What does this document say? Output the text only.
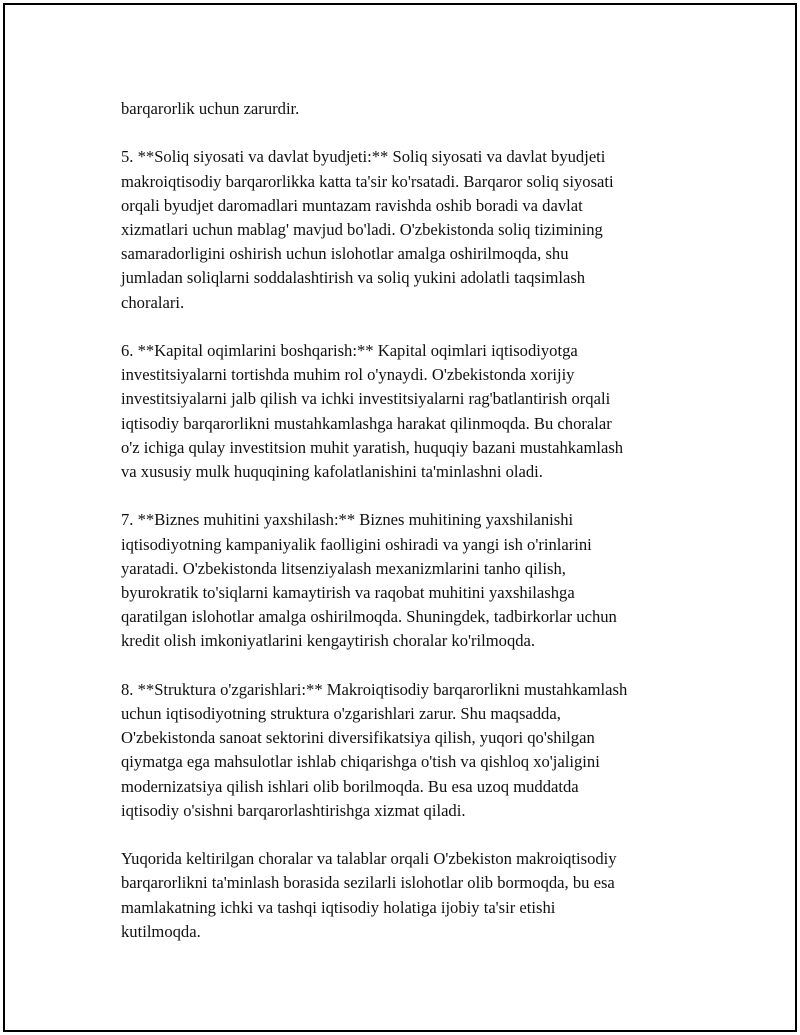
barqarorlik uchun zarurdir.

5. **Soliq siyosati va davlat byudjeti:** Soliq siyosati va davlat byudjeti
makroiqtisodiy barqarorlikka katta ta'sir ko'rsatadi. Barqaror soliq siyosati
orqali byudjet daromadlari muntazam ravishda oshib boradi va davlat
xizmatlari uchun mablag' mavjud bo'ladi. O'zbekistonda soliq tizimining
samaradorligini oshirish uchun islohotlar amalga oshirilmoqda, shu
jumladan soliqlarni soddalashtirish va soliq yukini adolatli taqsimlash
choralari.

6. **Kapital oqimlarini boshqarish:** Kapital oqimlari iqtisodiyotga
investitsiyalarni tortishda muhim rol o'ynaydi. O'zbekistonda xorijiy
investitsiyalarni jalb qilish va ichki investitsiyalarni rag'batlantirish orqali
iqtisodiy barqarorlikni mustahkamlashga harakat qilinmoqda. Bu choralar
o'z ichiga qulay investitsion muhit yaratish, huquqiy bazani mustahkamlash
va xususiy mulk huquqining kafolatlanishini ta'minlashni oladi.

7. **Biznes muhitini yaxshilash:** Biznes muhitining yaxshilanishi
iqtisodiyotning kampaniyalik faolligini oshiradi va yangi ish o'rinlarini
yaratadi. O'zbekistonda litsenziyalash mexanizmlarini tanho qilish,
byurokratik to'siqlarni kamaytirish va raqobat muhitini yaxshilashga
qaratilgan islohotlar amalga oshirilmoqda. Shuningdek, tadbirkorlar uchun
kredit olish imkoniyatlarini kengaytirish choralar ko'rilmoqda.

8. **Struktura o'zgarishlari:** Makroiqtisodiy barqarorlikni mustahkamlash
uchun iqtisodiyotning struktura o'zgarishlari zarur. Shu maqsadda,
O'zbekistonda sanoat sektorini diversifikatsiya qilish, yuqori qo'shilgan
qiymatga ega mahsulotlar ishlab chiqarishga o'tish va qishloq xo'jaligini
modernizatsiya qilish ishlari olib borilmoqda. Bu esa uzoq muddatda
iqtisodiy o'sishni barqarorlashtirishga xizmat qiladi.

Yuqorida keltirilgan choralar va talablar orqali O'zbekiston makroiqtisodiy
barqarorlikni ta'minlash borasida sezilarli islohotlar olib bormoqda, bu esa
mamlakatning ichki va tashqi iqtisodiy holatiga ijobiy ta'sir etishi
kutilmoqda.
